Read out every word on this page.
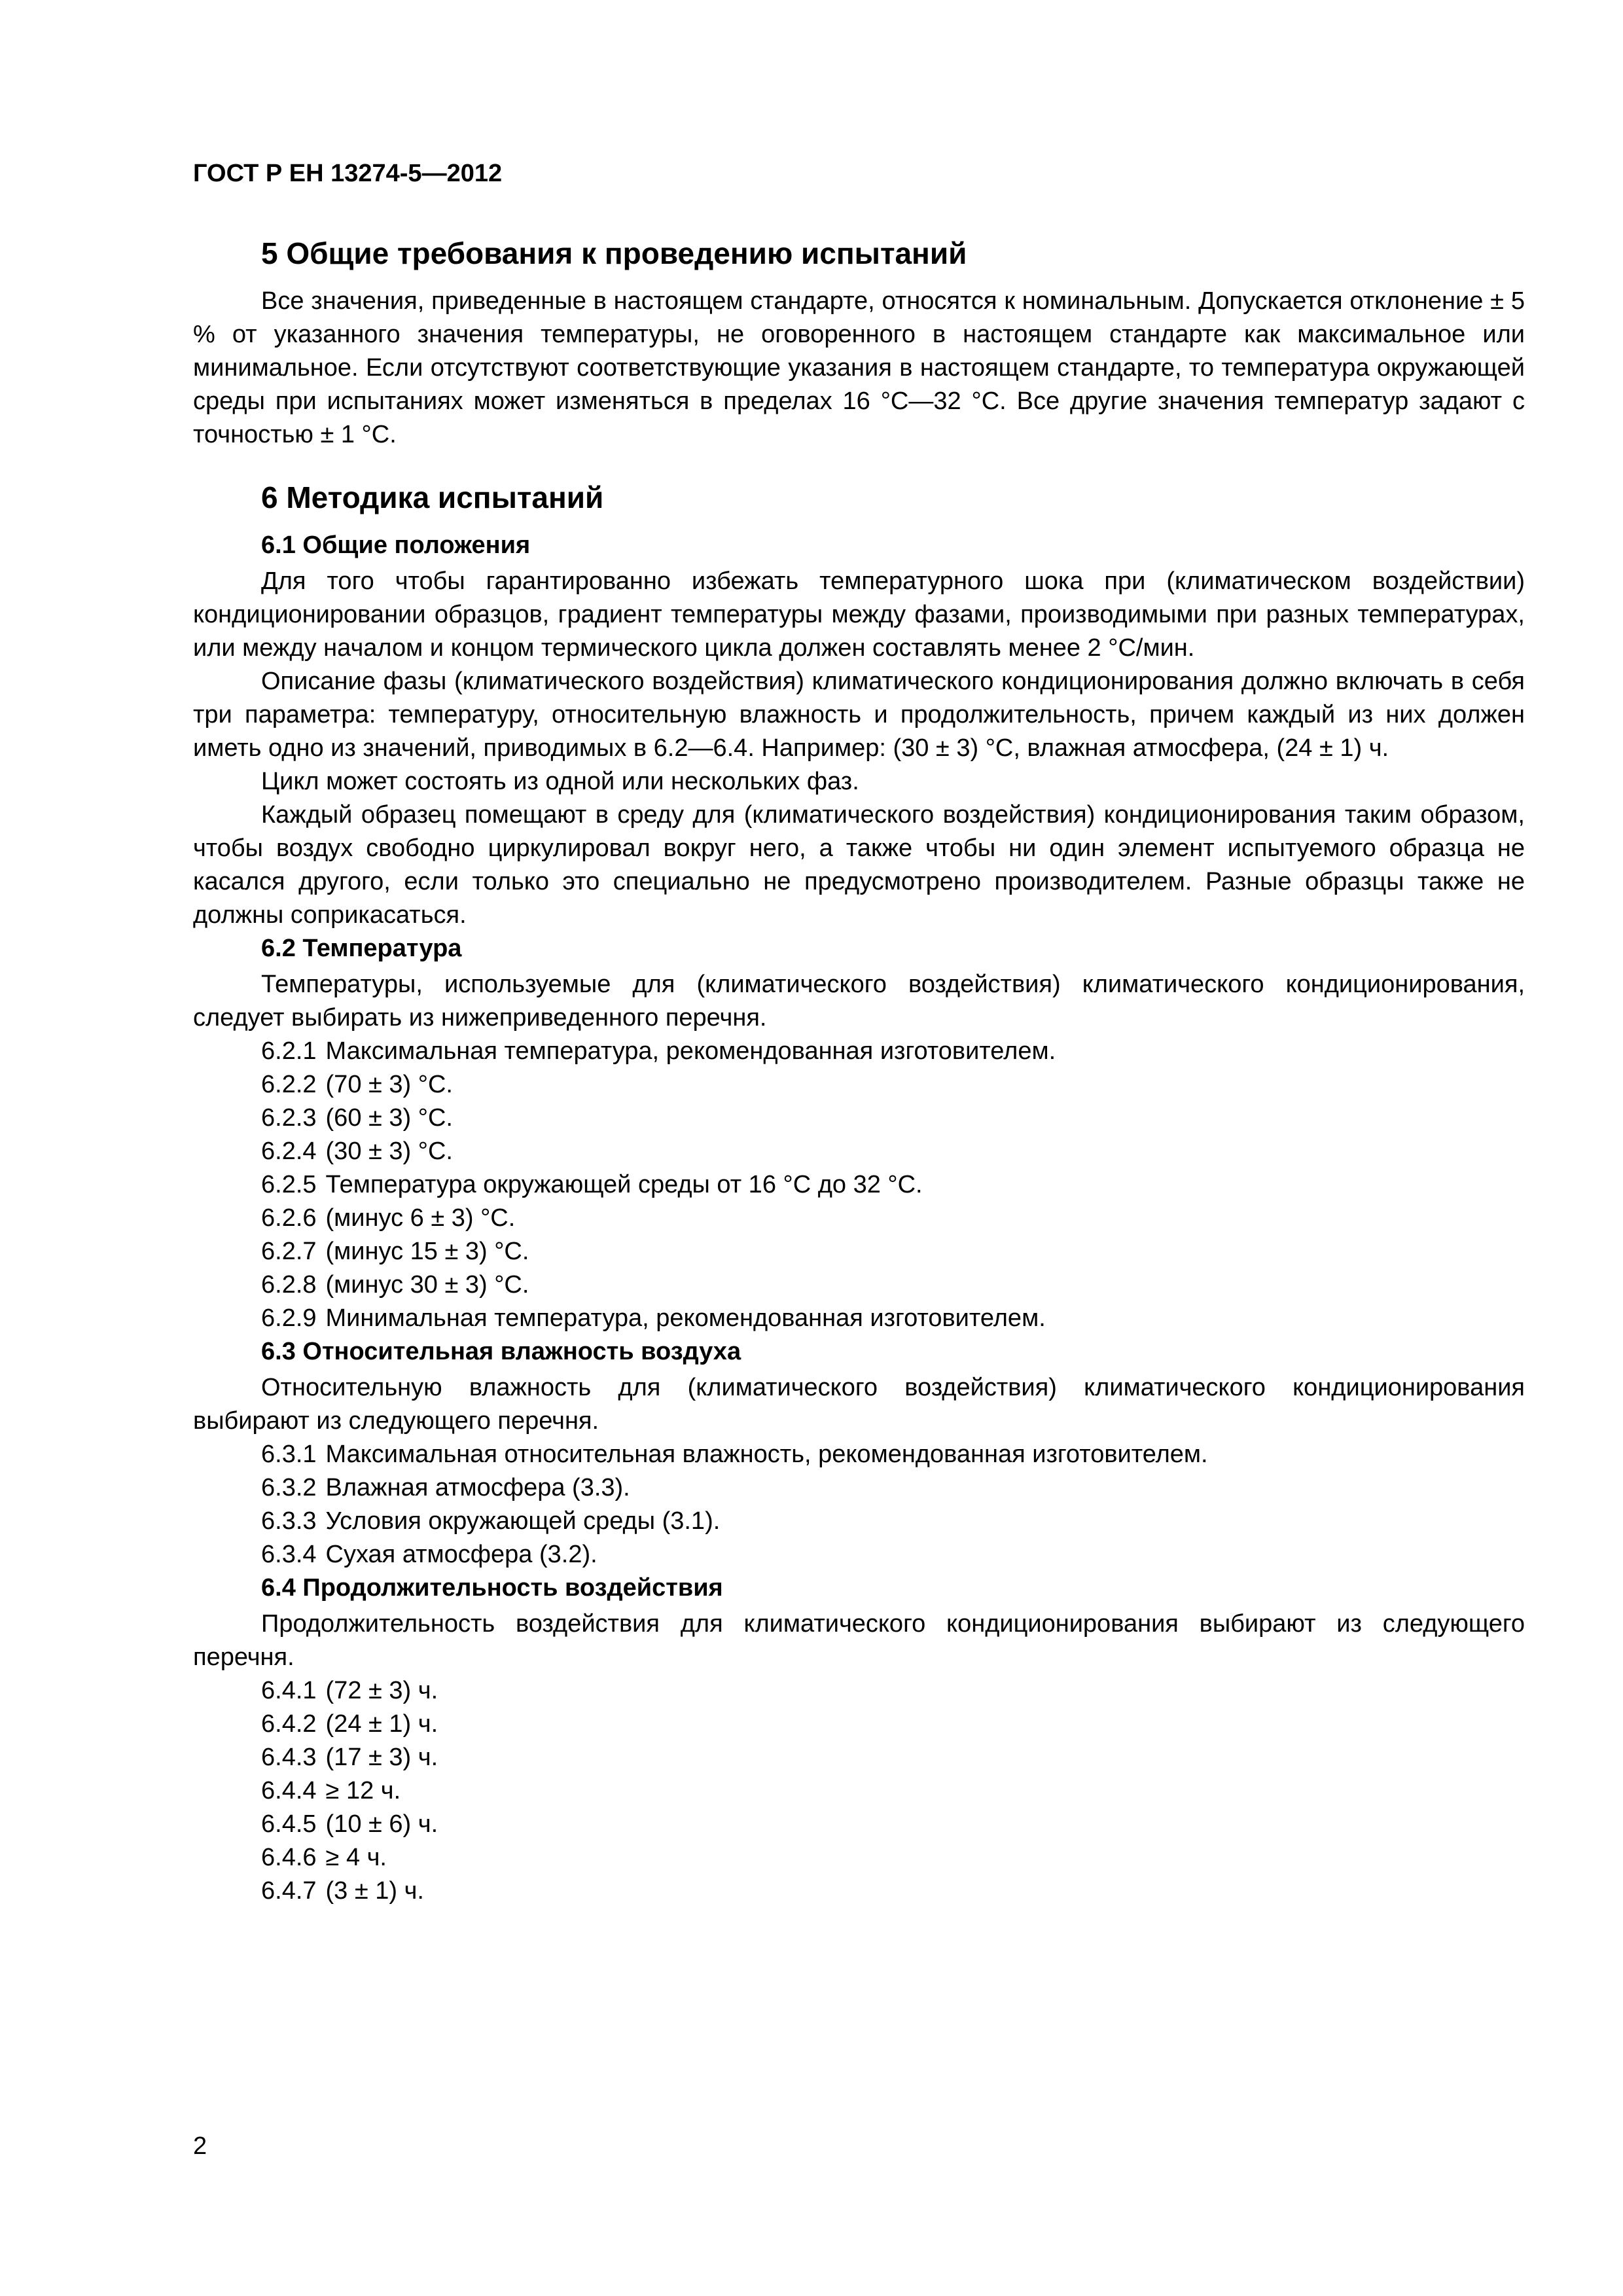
ГОСТ Р ЕН 13274-5—2012
5 Общие требования к проведению испытаний

Все значения, приведенные в настоящем стандарте, относятся к номинальным. Допускается отклонение ± 5 % от указанного значения температуры, не оговоренного в настоящем стандарте как максимальное или минимальное. Если отсутствуют соответствующие указания в настоящем стандарте, то температура окружающей среды при испытаниях может изменяться в пределах 16 °С—32 °С. Все другие значения температур задают с точностью ± 1 °С.

6 Методика испытаний
6.1 Общие положения

Для того чтобы гарантированно избежать температурного шока при (климатическом воздействии) кондиционировании образцов, градиент температуры между фазами, производимыми при разных температурах, или между началом и концом термического цикла должен составлять менее 2 °С/мин.

Описание фазы (климатического воздействия) климатического кондиционирования должно включать в себя три параметра: температуру, относительную влажность и продолжительность, причем каждый из них должен иметь одно из значений, приводимых в 6.2—6.4. Например: (30 ± 3) °С, влажная атмосфера, (24 ± 1) ч.

Цикл может состоять из одной или нескольких фаз.

Каждый образец помещают в среду для (климатического воздействия) кондиционирования таким образом, чтобы воздух свободно циркулировал вокруг него, а также чтобы ни один элемент испытуемого образца не касался другого, если только это специально не предусмотрено производителем. Разные образцы также не должны соприкасаться.

6.2 Температура

Температуры, используемые для (климатического воздействия) климатического кондиционирования, следует выбирать из нижеприведенного перечня.

6.2.1 Максимальная температура, рекомендованная изготовителем.
6.2.2 (70 ± 3) °С.
6.2.3 (60 ± 3) °С.
6.2.4 (30 ± 3) °С.
6.2.5 Температура окружающей среды от 16 °С до 32 °С.
6.2.6 (минус 6 ± 3) °С.
6.2.7 (минус 15 ± 3) °С.
6.2.8 (минус 30 ± 3) °С.
6.2.9 Минимальная температура, рекомендованная изготовителем.
6.3 Относительная влажность воздуха

Относительную влажность для (климатического воздействия) климатического кондиционирования выбирают из следующего перечня.

6.3.1 Максимальная относительная влажность, рекомендованная изготовителем.
6.3.2 Влажная атмосфера (3.3).
6.3.3 Условия окружающей среды (3.1).
6.3.4 Сухая атмосфера (3.2).
6.4 Продолжительность воздействия

Продолжительность воздействия для климатического кондиционирования выбирают из следующего перечня.

6.4.1 (72 ± 3) ч.
6.4.2 (24 ± 1) ч.
6.4.3 (17 ± 3) ч.
6.4.4 ≥ 12 ч.
6.4.5 (10 ± 6) ч.
6.4.6 ≥ 4 ч.
6.4.7 (3 ± 1) ч.
2
